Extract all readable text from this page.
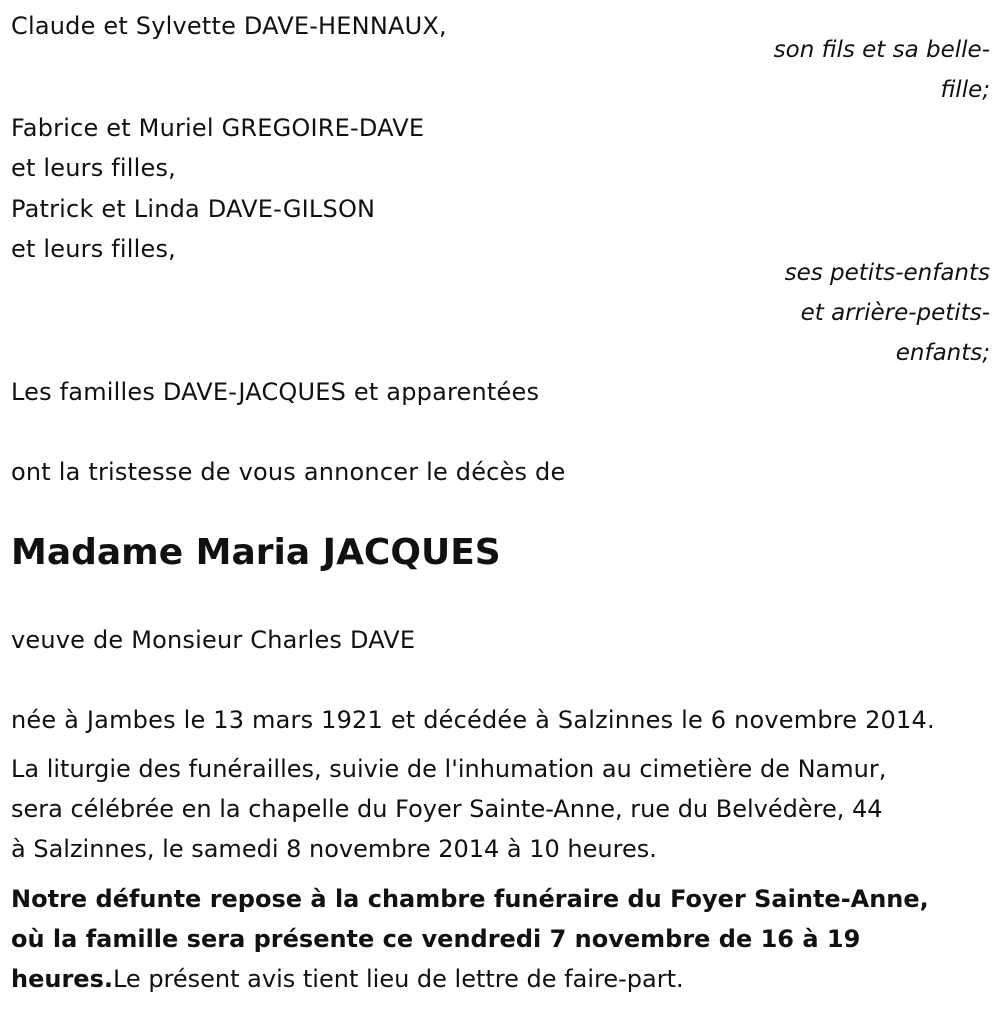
Claude et Sylvette DAVE-HENNAUX,
son fils et sa belle-
fille;
Fabrice et Muriel GREGOIRE-DAVE
et leurs filles,
Patrick et Linda DAVE-GILSON
et leurs filles,
ses petits-enfants
et arrière-petits-
enfants;
Les familles DAVE-JACQUES et apparentées
ont la tristesse de vous annoncer le décès de
Madame Maria JACQUES
veuve de Monsieur Charles DAVE
née à Jambes le 13 mars 1921 et décédée à Salzinnes le 6 novembre 2014.
La liturgie des funérailles, suivie de l'inhumation au cimetière de Namur,
sera célébrée en la chapelle du Foyer Sainte-Anne, rue du Belvédère, 44
à Salzinnes, le samedi 8 novembre 2014 à 10 heures.
Notre défunte repose à la chambre funéraire du Foyer Sainte-Anne,
où la famille sera présente ce vendredi 7 novembre de 16 à 19
heures.Le présent avis tient lieu de lettre de faire-part.
